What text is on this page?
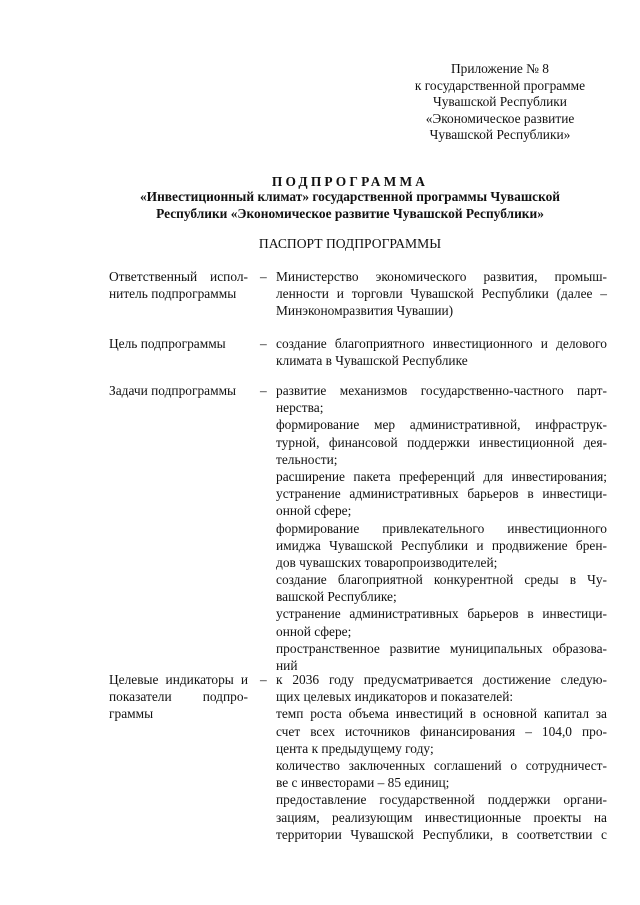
Приложение № 8
к государственной программе
Чувашской Республики
«Экономическое развитие
Чувашской Республики»
ПОДПРОГРАММА
«Инвестиционный климат» государственной программы Чувашской
Республики «Экономическое развитие Чувашской Республики»
ПАСПОРТ ПОДПРОГРАММЫ
Ответственный испол-
нитель подпрограммы
– Министерство экономического развития, промыш-
ленности и торговли Чувашской Республики (далее –
Минэкономразвития Чувашии)
Цель подпрограммы	– создание благоприятного инвестиционного и делового
климата в Чувашской Республике
Задачи подпрограммы	– развитие механизмов государственно-частного парт-
нерства;
формирование мер административной, инфраструк-
турной, финансовой поддержки инвестиционной дея-
тельности;
расширение пакета преференций для инвестирования;
устранение административных барьеров в инвестици-
онной сфере;
формирование привлекательного инвестиционного
имиджа Чувашской Республики и продвижение брен-
дов чувашских товаропроизводителей;
создание благоприятной конкурентной среды в Чу-
вашской Республике;
устранение административных барьеров в инвестици-
онной сфере;
пространственное развитие муниципальных образова-
ний
Целевые индикаторы и
показатели подпро-
граммы
– к 2036 году предусматривается достижение следую-
щих целевых индикаторов и показателей:
темп роста объема инвестиций в основной капитал за
счет всех источников финансирования – 104,0 про-
цента к предыдущему году;
количество заключенных соглашений о сотрудничест-
ве с инвесторами – 85 единиц;
предоставление государственной поддержки органи-
зациям, реализующим инвестиционные проекты на
территории Чувашской Республики, в соответствии с
